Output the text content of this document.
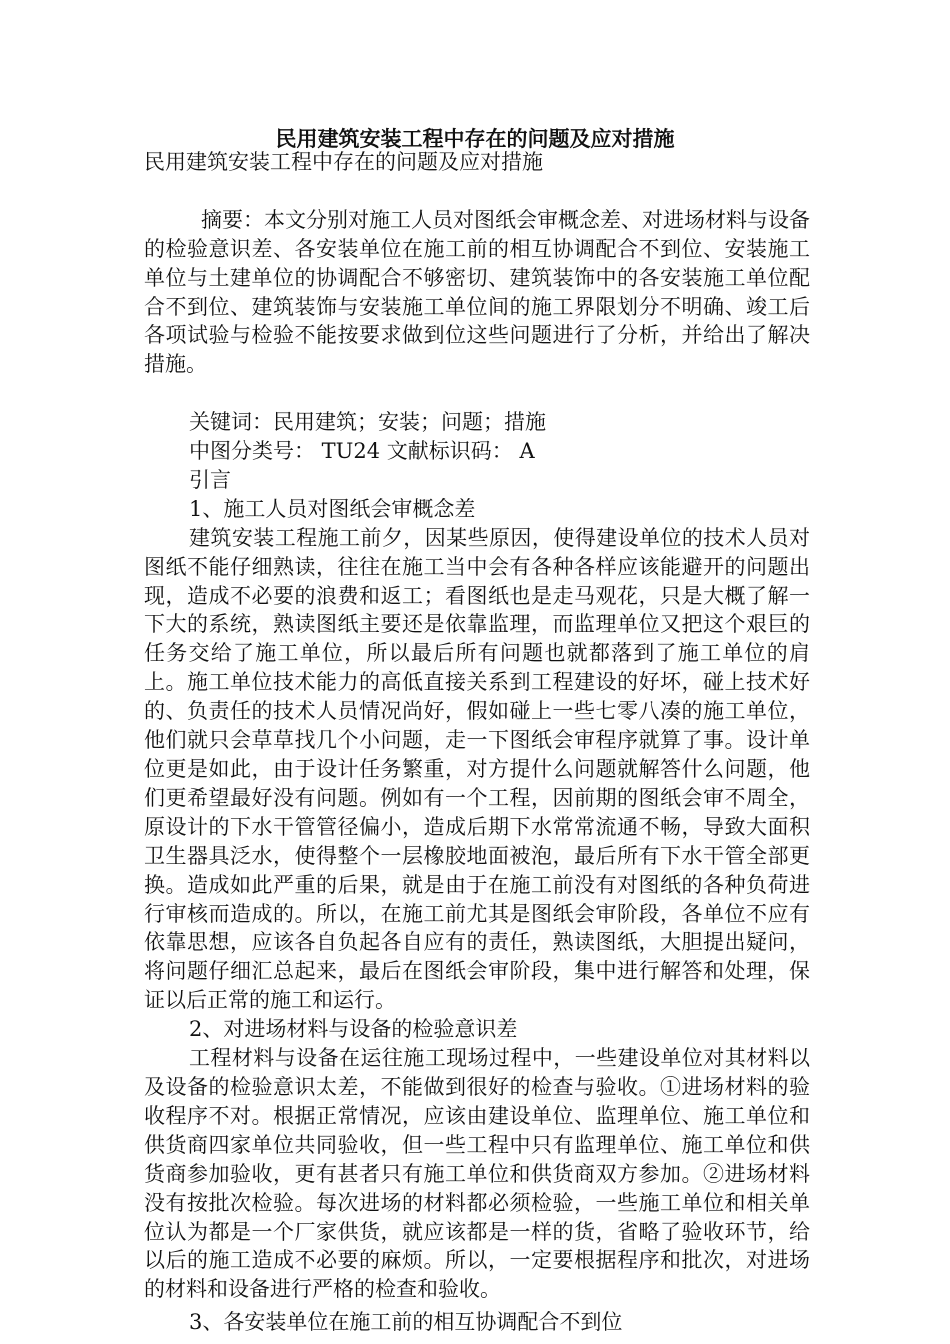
民用建筑安装工程中存在的问题及应对措施

民用建筑安装工程中存在的问题及应对措施

摘要：本文分别对施工人员对图纸会审概念差、对进场材料与设备的检验意识差、各安装单位在施工前的相互协调配合不到位、安装施工单位与土建单位的协调配合不够密切、建筑装饰中的各安装施工单位配合不到位、建筑装饰与安装施工单位间的施工界限划分不明确、竣工后各项试验与检验不能按要求做到位这些问题进行了分析，并给出了解决措施。

关键词：民用建筑；安装；问题；措施

中图分类号： TU24 文献标识码： A

引言

1、施工人员对图纸会审概念差

建筑安装工程施工前夕，因某些原因，使得建设单位的技术人员对图纸不能仔细熟读，往往在施工当中会有各种各样应该能避开的问题出现，造成不必要的浪费和返工；看图纸也是走马观花，只是大概了解一下大的系统，熟读图纸主要还是依靠监理，而监理单位又把这个艰巨的任务交给了施工单位，所以最后所有问题也就都落到了施工单位的肩上。施工单位技术能力的高低直接关系到工程建设的好坏，碰上技术好的、负责任的技术人员情况尚好，假如碰上一些七零八凑的施工单位，他们就只会草草找几个小问题，走一下图纸会审程序就算了事。设计单位更是如此，由于设计任务繁重，对方提什么问题就解答什么问题，他们更希望最好没有问题。例如有一个工程，因前期的图纸会审不周全，原设计的下水干管管径偏小，造成后期下水常常流通不畅，导致大面积卫生器具泛水，使得整个一层橡胶地面被泡，最后所有下水干管全部更换。造成如此严重的后果，就是由于在施工前没有对图纸的各种负荷进行审核而造成的。所以，在施工前尤其是图纸会审阶段，各单位不应有依靠思想，应该各自负起各自应有的责任，熟读图纸，大胆提出疑问，将问题仔细汇总起来，最后在图纸会审阶段，集中进行解答和处理，保证以后正常的施工和运行。

2、对进场材料与设备的检验意识差

工程材料与设备在运往施工现场过程中，一些建设单位对其材料以及设备的检验意识太差，不能做到很好的检查与验收。①进场材料的验收程序不对。根据正常情况，应该由建设单位、监理单位、施工单位和供货商四家单位共同验收，但一些工程中只有监理单位、施工单位和供货商参加验收，更有甚者只有施工单位和供货商双方参加。②进场材料没有按批次检验。每次进场的材料都必须检验，一些施工单位和相关单位认为都是一个厂家供货，就应该都是一样的货，省略了验收环节，给以后的施工造成不必要的麻烦。所以，一定要根据程序和批次，对进场的材料和设备进行严格的检查和验收。

3、各安装单位在施工前的相互协调配合不到位
